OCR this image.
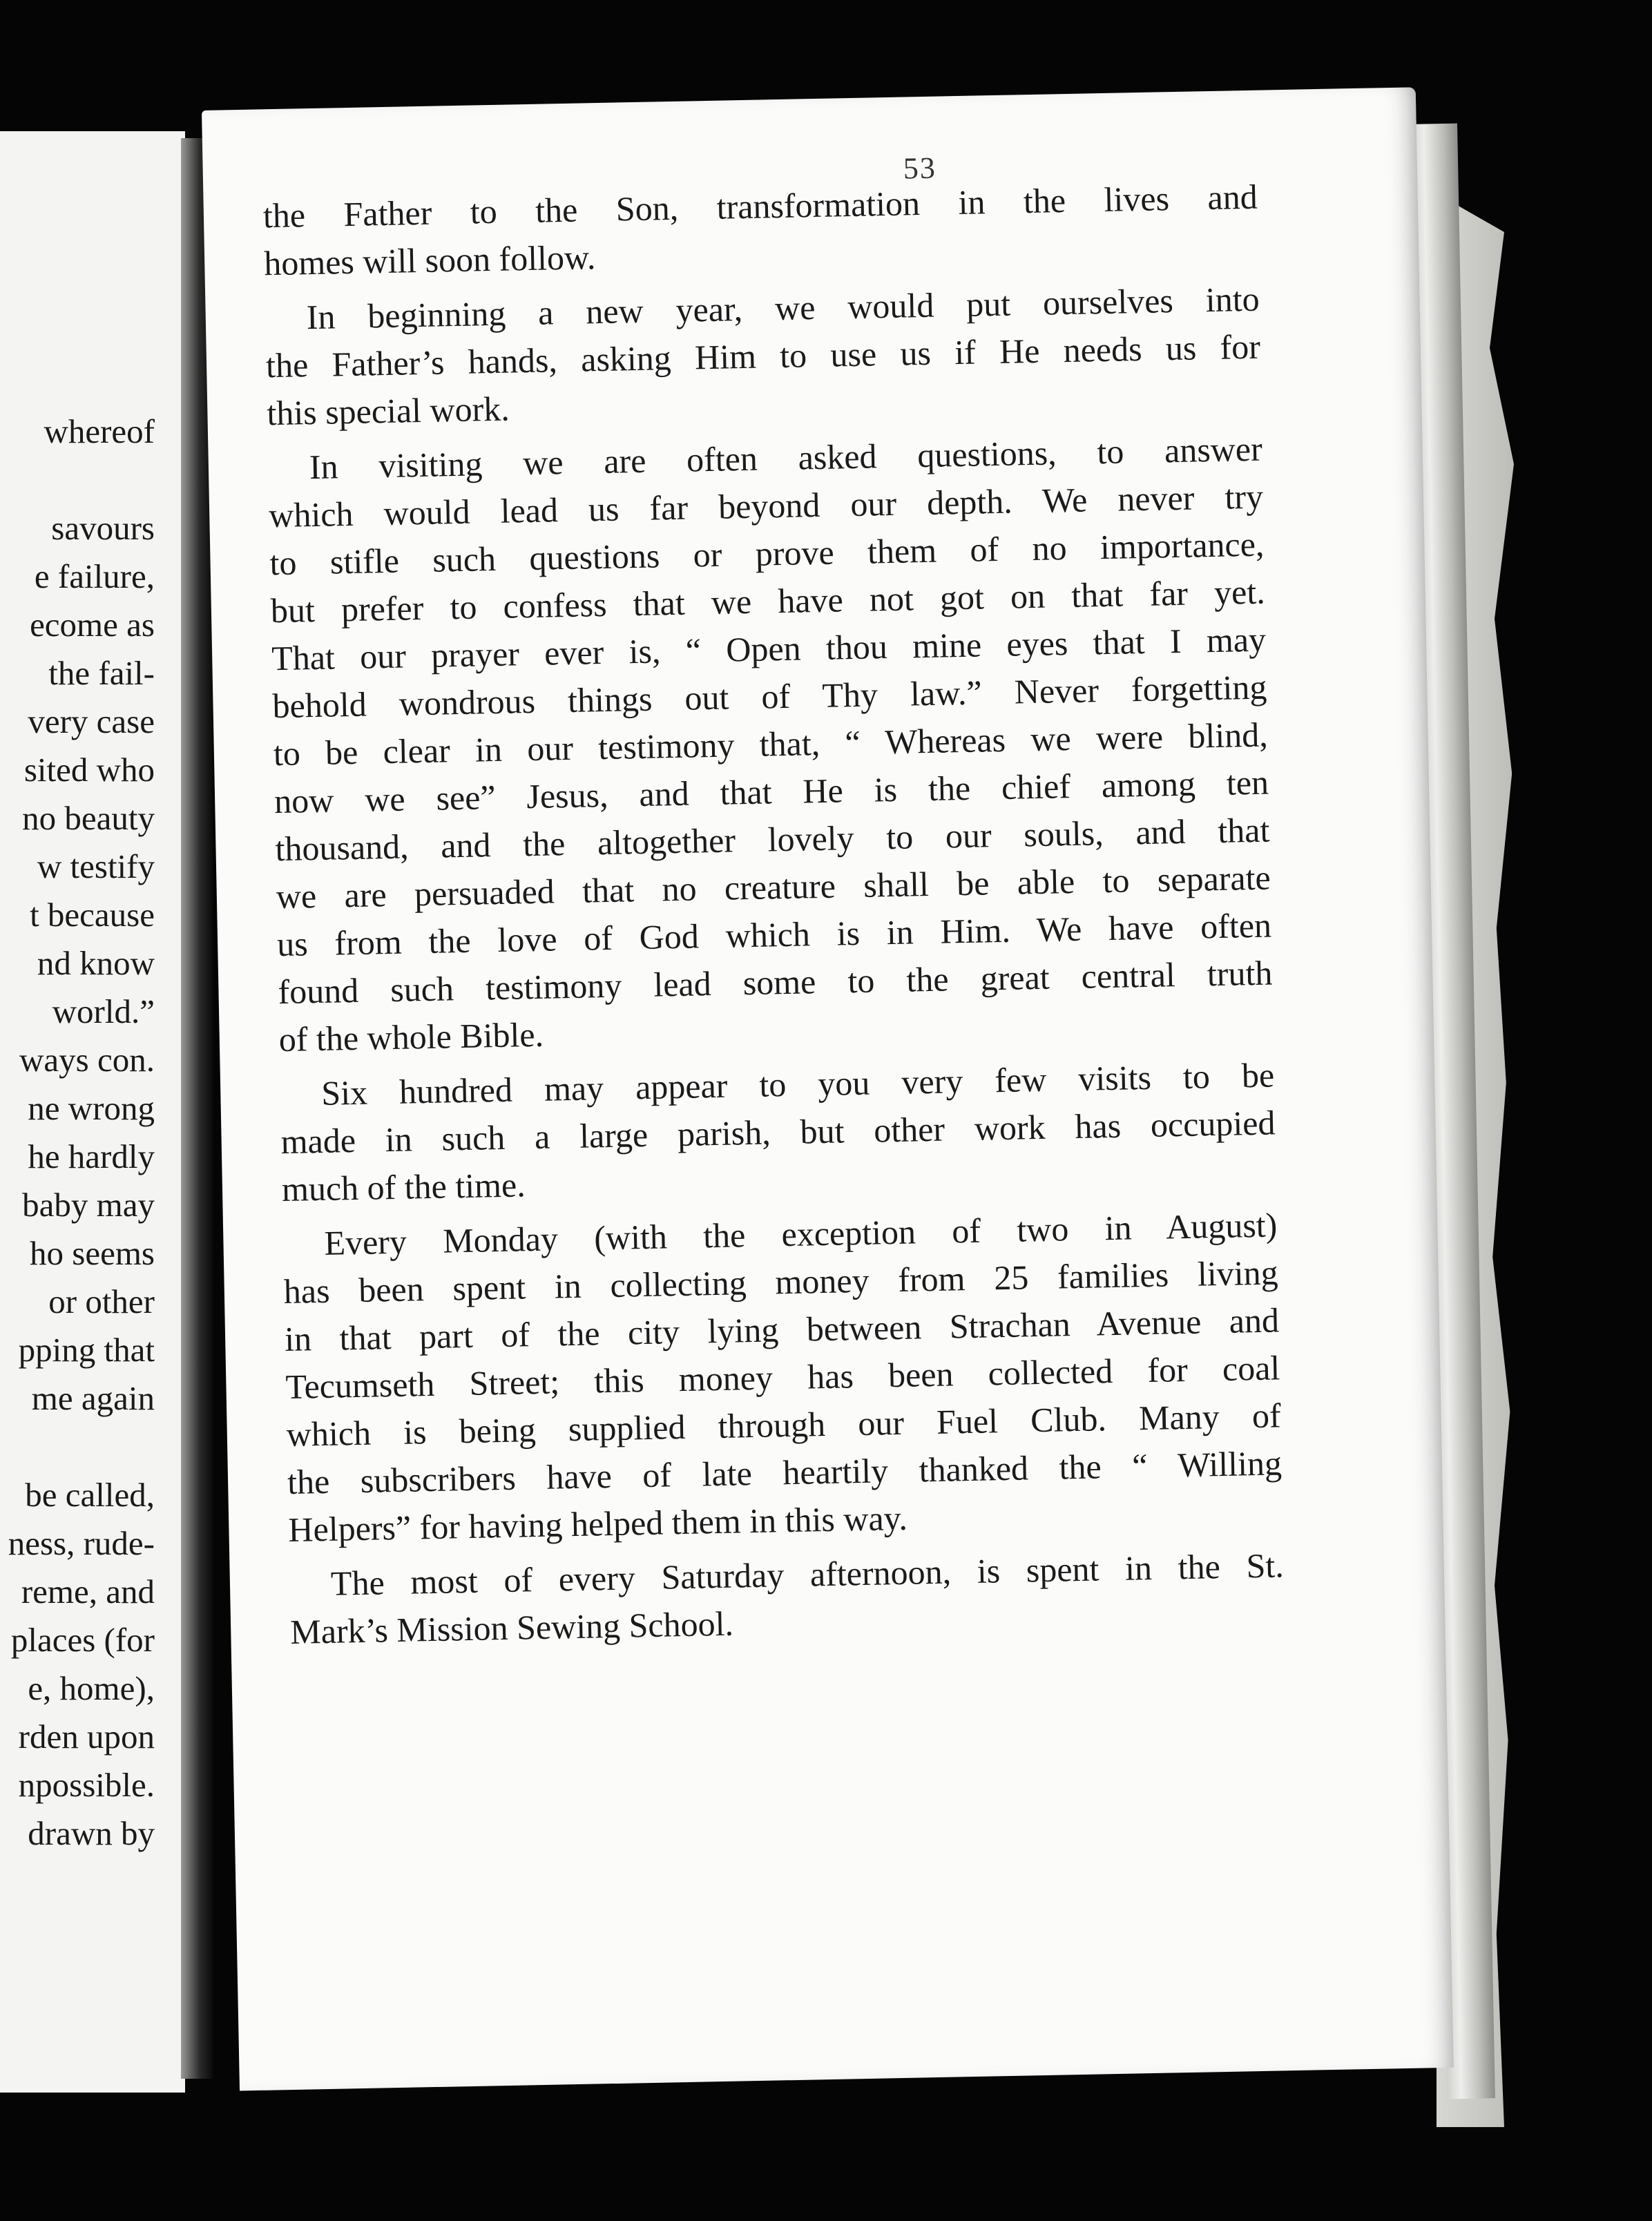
whereof
savours
e failure,
ecome as
the fail-
very case
sited who
no beauty
w testify
t because
nd know
world.”
ways con.
ne wrong
he hardly
baby may
ho seems
or other
pping that
me again
be called,
ness, rude-
reme, and
places (for
e, home),
rden upon
npossible.
drawn by
53
the Father to the Son, transformation in the lives and
homes will soon follow.
In beginning a new year, we would put ourselves into
the Father’s hands, asking Him to use us if He needs us for
this special work.
In visiting we are often asked questions, to answer
which would lead us far beyond our depth. We never try
to stifle such questions or prove them of no importance,
but prefer to confess that we have not got on that far yet.
That our prayer ever is, “ Open thou mine eyes that I may
behold wondrous things out of Thy law.” Never forgetting
to be clear in our testimony that, “ Whereas we were blind,
now we see” Jesus, and that He is the chief among ten
thousand, and the altogether lovely to our souls, and that
we are persuaded that no creature shall be able to separate
us from the love of God which is in Him. We have often
found such testimony lead some to the great central truth
of the whole Bible.
Six hundred may appear to you very few visits to be
made in such a large parish, but other work has occupied
much of the time.
Every Monday (with the exception of two in August)
has been spent in collecting money from 25 families living
in that part of the city lying between Strachan Avenue and
Tecumseth Street; this money has been collected for coal
which is being supplied through our Fuel Club. Many of
the subscribers have of late heartily thanked the “ Willing
Helpers” for having helped them in this way.
The most of every Saturday afternoon, is spent in the St.
Mark’s Mission Sewing School.
